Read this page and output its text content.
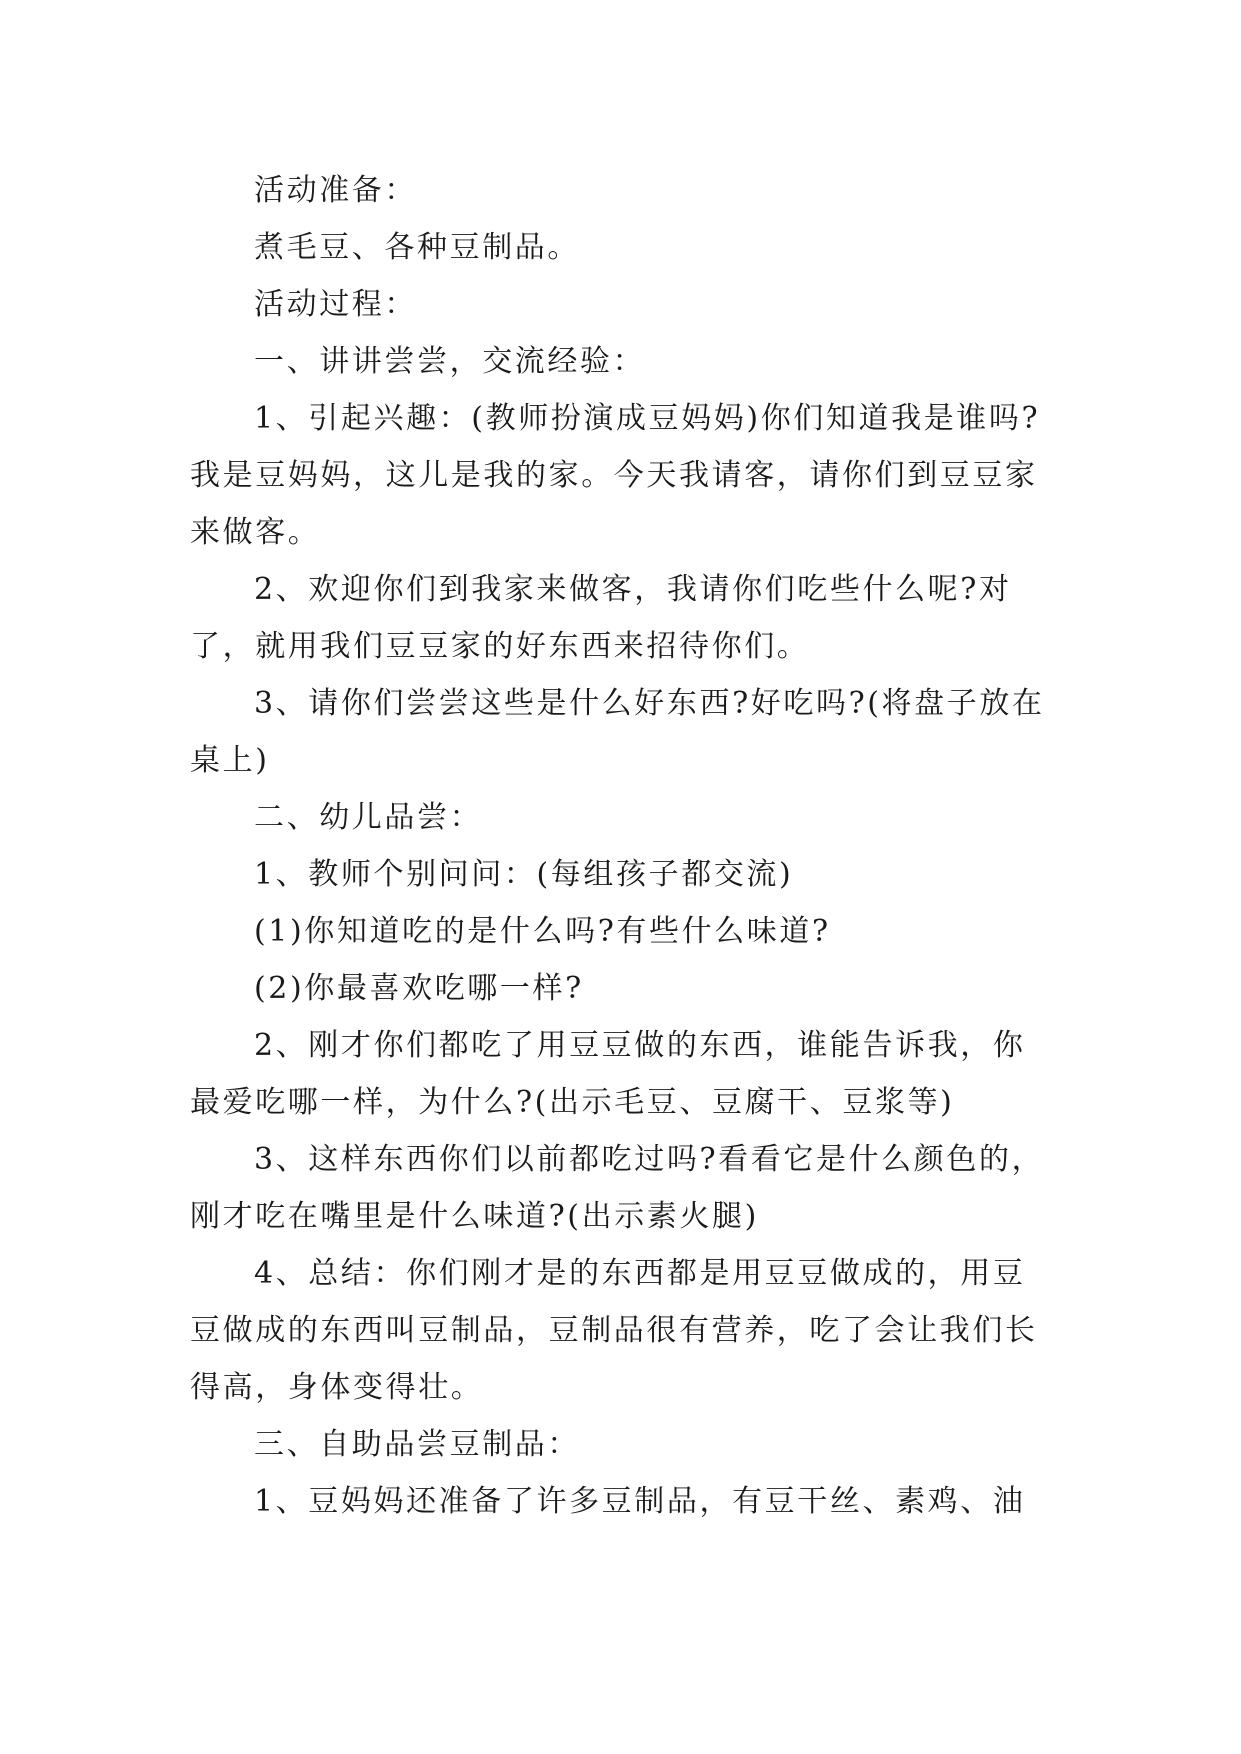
活动准备：

煮毛豆、各种豆制品。

活动过程：

一、讲讲尝尝，交流经验：

1、引起兴趣：(教师扮演成豆妈妈)你们知道我是谁吗?我是豆妈妈，这儿是我的家。今天我请客，请你们到豆豆家来做客。

2、欢迎你们到我家来做客，我请你们吃些什么呢?对了，就用我们豆豆家的好东西来招待你们。

3、请你们尝尝这些是什么好东西?好吃吗?(将盘子放在桌上)

二、幼儿品尝：

1、教师个别问问：(每组孩子都交流)

(1)你知道吃的是什么吗?有些什么味道?

(2)你最喜欢吃哪一样?

2、刚才你们都吃了用豆豆做的东西，谁能告诉我，你最爱吃哪一样，为什么?(出示毛豆、豆腐干、豆浆等)

3、这样东西你们以前都吃过吗?看看它是什么颜色的，刚才吃在嘴里是什么味道?(出示素火腿)

4、总结：你们刚才是的东西都是用豆豆做成的，用豆豆做成的东西叫豆制品，豆制品很有营养，吃了会让我们长得高，身体变得壮。

三、自助品尝豆制品：

1、豆妈妈还准备了许多豆制品，有豆干丝、素鸡、油
